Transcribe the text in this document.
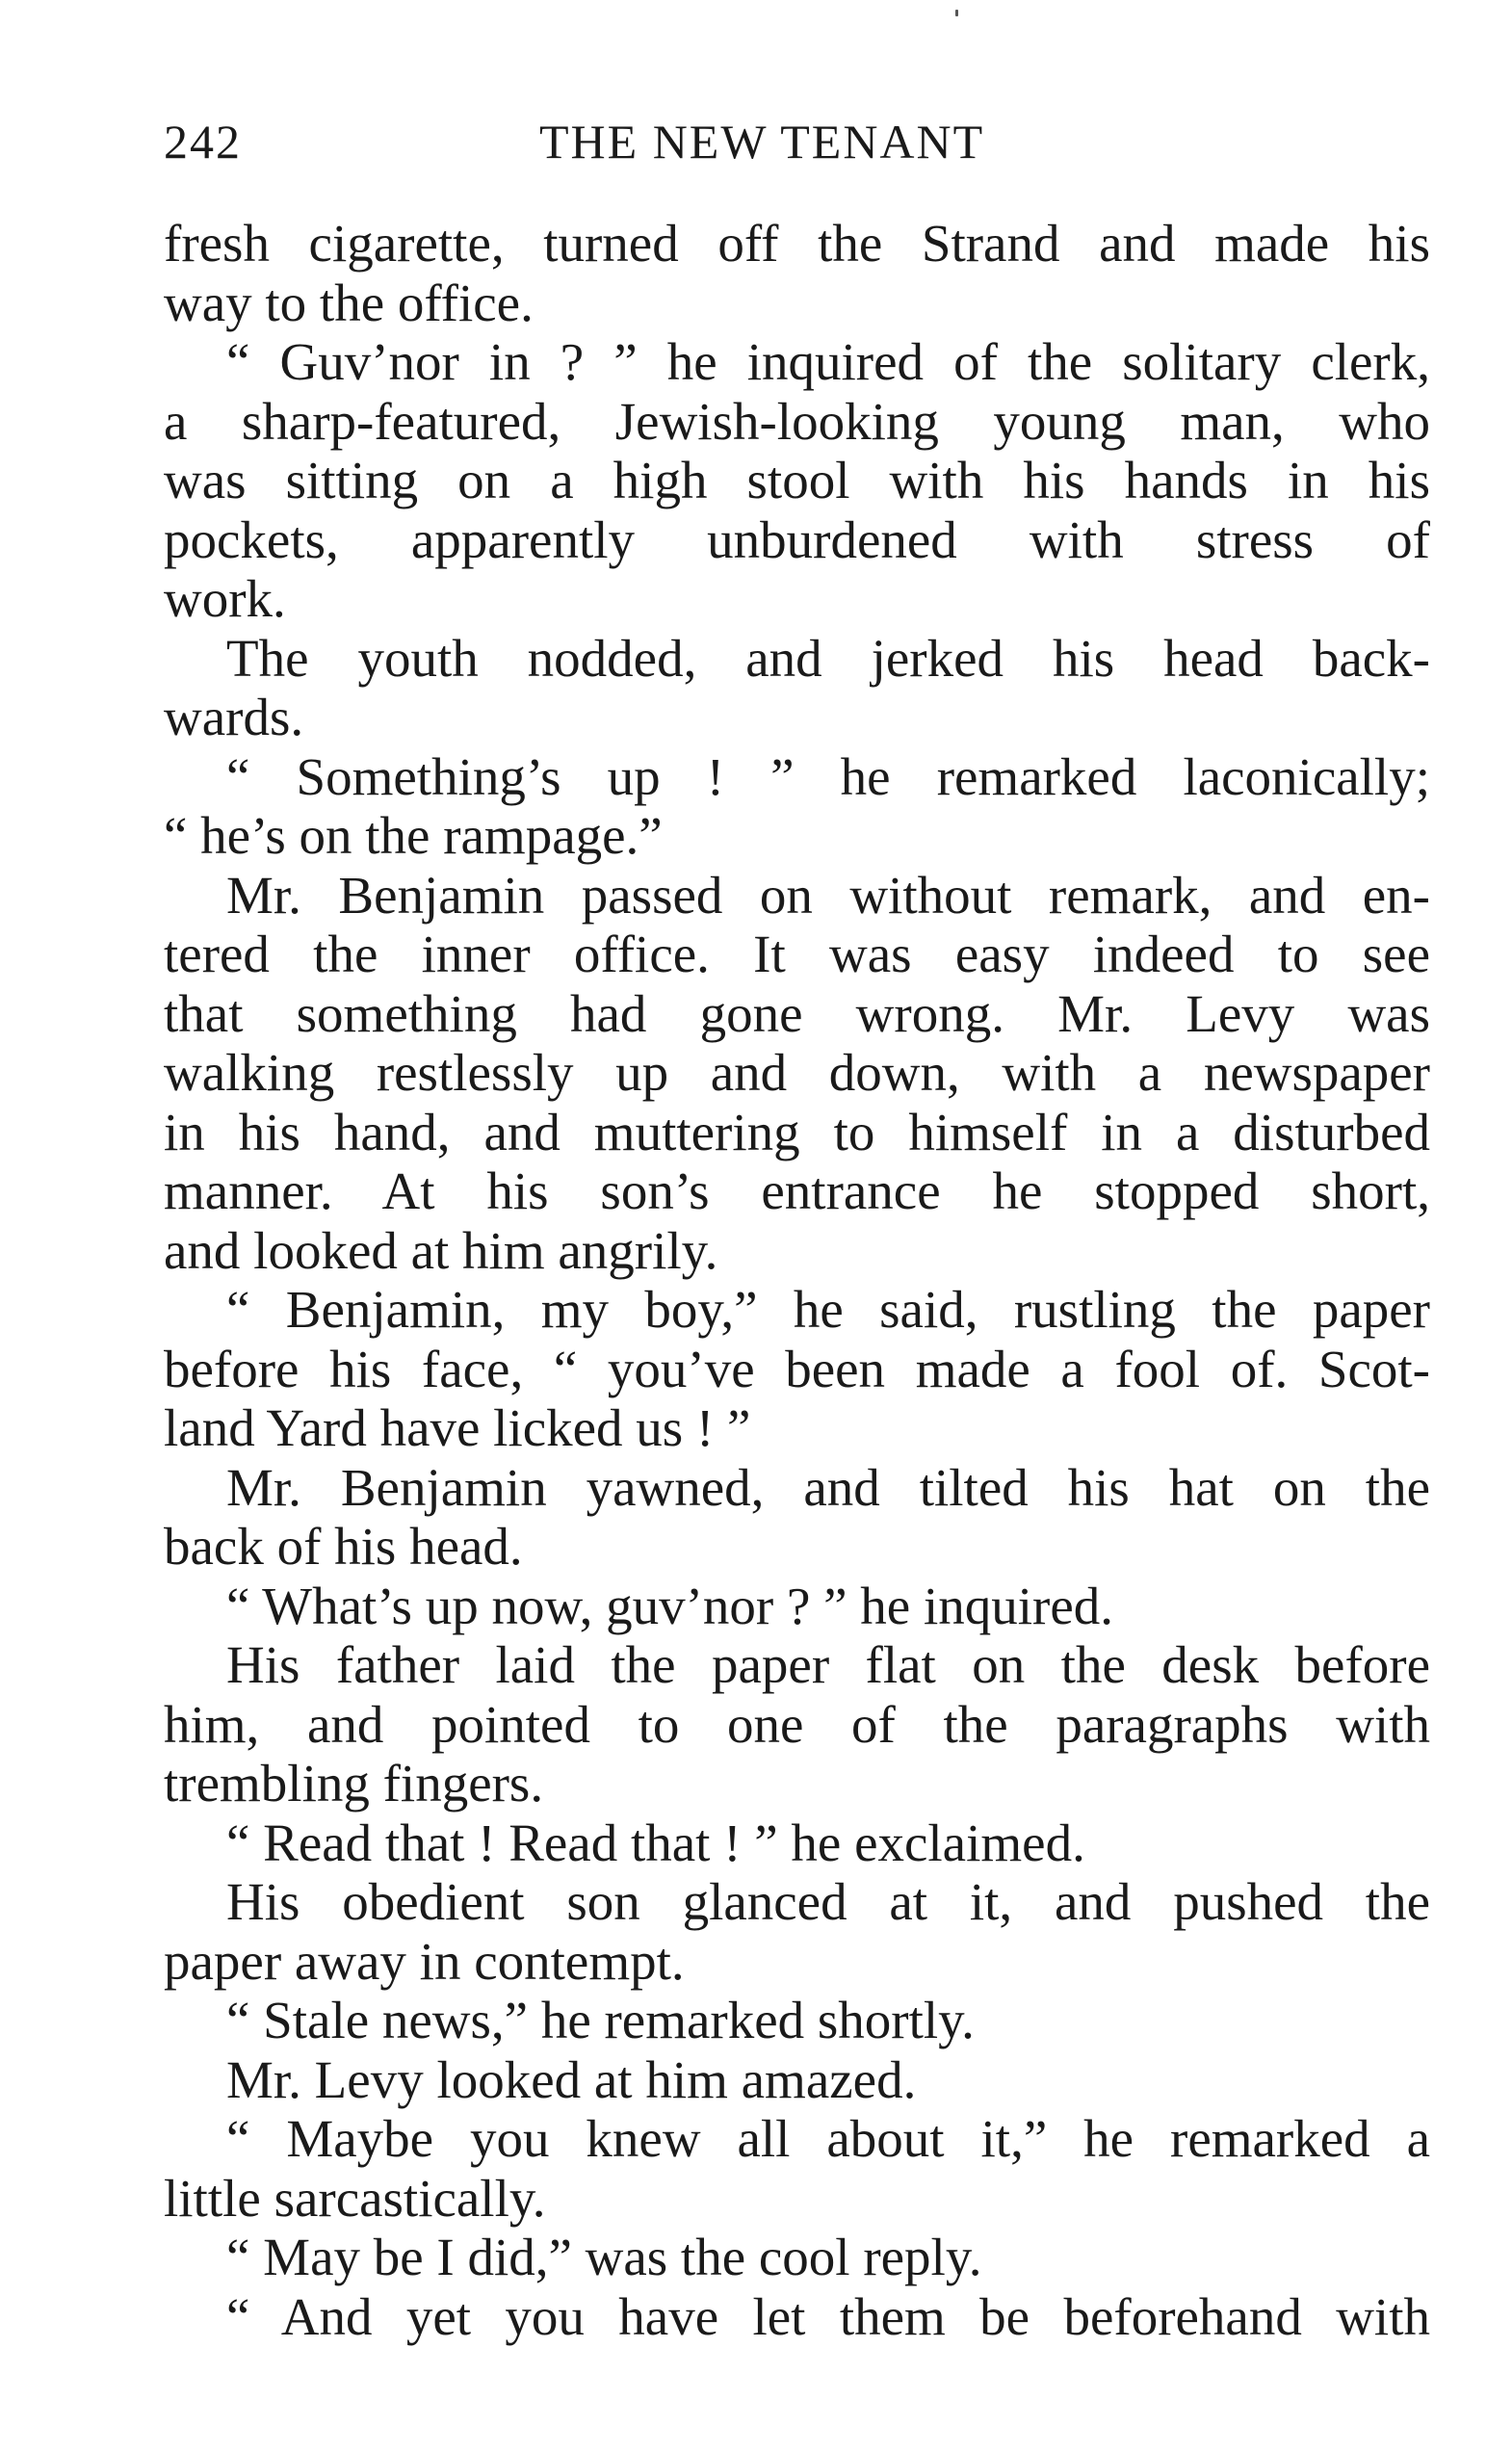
242	THE NEW TENANT
fresh cigarette, turned off the Strand and made his
way to the office.
“ Guv’nor in ? ” he inquired of the solitary clerk,
a sharp-featured, Jewish-looking young man, who
was sitting on a high stool with his hands in his
pockets, apparently unburdened with stress of
work.
The youth nodded, and jerked his head back-
wards.
“ Something’s up ! ” he remarked laconically;
“ he’s on the rampage.”
Mr. Benjamin passed on without remark, and en-
tered the inner office. It was easy indeed to see
that something had gone wrong. Mr. Levy was
walking restlessly up and down, with a newspaper
in his hand, and muttering to himself in a disturbed
manner. At his son’s entrance he stopped short,
and looked at him angrily.
“ Benjamin, my boy,” he said, rustling the paper
before his face, “ you’ve been made a fool of. Scot-
land Yard have licked us ! ”
Mr. Benjamin yawned, and tilted his hat on the
back of his head.
“ What’s up now, guv’nor ? ” he inquired.
His father laid the paper flat on the desk before
him, and pointed to one of the paragraphs with
trembling fingers.
“ Read that ! Read that ! ” he exclaimed.
His obedient son glanced at it, and pushed the
paper away in contempt.
“ Stale news,” he remarked shortly.
Mr. Levy looked at him amazed.
“ Maybe you knew all about it,” he remarked a
little sarcastically.
“ May be I did,” was the cool reply.
“ And yet you have let them be beforehand with
